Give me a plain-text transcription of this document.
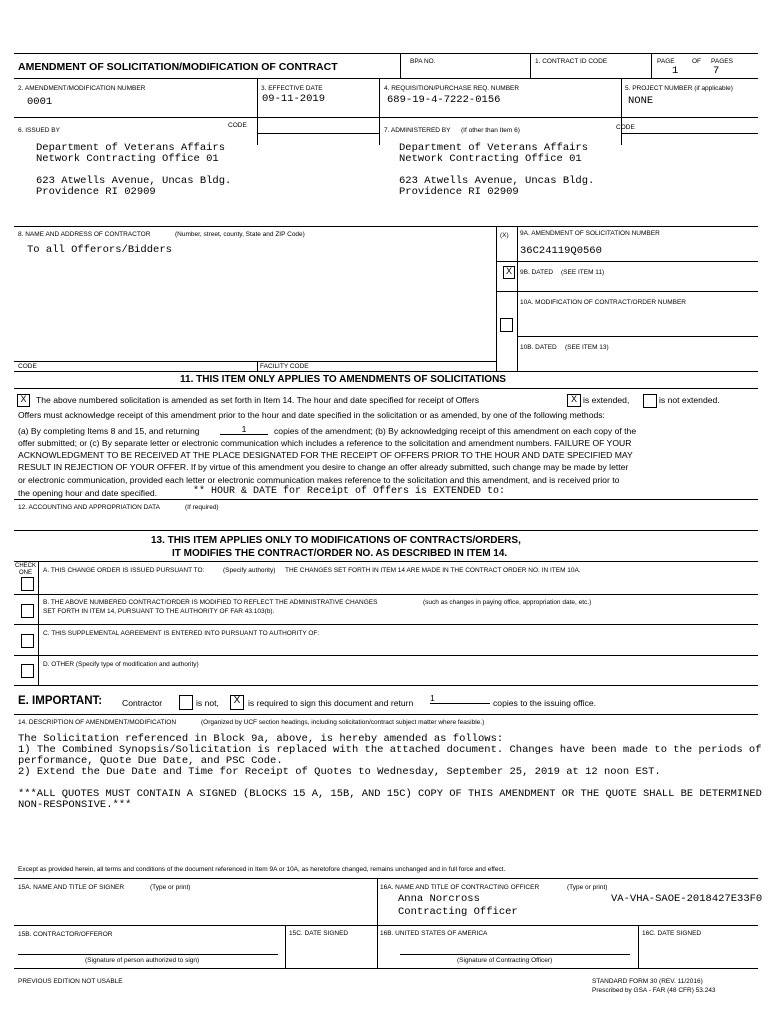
AMENDMENT OF SOLICITATION/MODIFICATION OF CONTRACT	BPA NO.	1. CONTRACT ID CODE	PAGE	OF PAGES
1	7
2. AMENDMENT/MODIFICATION NUMBER
0001
3. EFFECTIVE DATE
09-11-2019
4. REQUISITION/PURCHASE REQ. NUMBER
689-19-4-7222-0156
5. PROJECT NUMBER (if applicable)
NONE
6. ISSUED BY
CODE
7. ADMINISTERED BY (If other than Item 6)	CODE
Department of Veterans Affairs
Network Contracting Office 01
623 Atwells Avenue, Uncas Bldg.
Providence RI 02909
Department of Veterans Affairs
Network Contracting Office 01
623 Atwells Avenue, Uncas Bldg.
Providence RI 02909
8. NAME AND ADDRESS OF CONTRACTOR	(Number, street, county, State and ZIP Code)
To all Offerors/Bidders
(X) 9A. AMENDMENT OF SOLICITATION NUMBER
36C24119Q0560
X	9B. DATED (SEE ITEM 11)
10A. MODIFICATION OF CONTRACT/ORDER NUMBER
10B. DATED (SEE ITEM 13)
CODE	FACILITY CODE
11. THIS ITEM ONLY APPLIES TO AMENDMENTS OF SOLICITATIONS
X	The above numbered solicitation is amended as set forth in Item 14. The hour and date specified for receipt of Offers	X is extended,	is not extended.
Offers must acknowledge receipt of this amendment prior to the hour and date specified in the solicitation or as amended, by one of the following methods:
(a) By completing Items 8 and 15, and returning	1	copies of the amendment; (b) By acknowledging receipt of this amendment on each copy of the
offer submitted; or (c) By separate letter or electronic communication which includes a reference to the solicitation and amendment numbers. FAILURE OF YOUR
ACKNOWLEDGMENT TO BE RECEIVED AT THE PLACE DESIGNATED FOR THE RECEIPT OF OFFERS PRIOR TO THE HOUR AND DATE SPECIFIED MAY
RESULT IN REJECTION OF YOUR OFFER. If by virtue of this amendment you desire to change an offer already submitted, such change may be made by letter
or electronic communication, provided each letter or electronic communication makes reference to the solicitation and this amendment, and is received prior to
the opening hour and date specified.	** HOUR & DATE for Receipt of Offers is EXTENDED to:
12. ACCOUNTING AND APPROPRIATION DATA	(If required)
13. THIS ITEM APPLIES ONLY TO MODIFICATIONS OF CONTRACTS/ORDERS,
IT MODIFIES THE CONTRACT/ORDER NO. AS DESCRIBED IN ITEM 14.
CHECK
ONE A. THIS CHANGE ORDER IS ISSUED PURSUANT TO:	(Specify authority) THE CHANGES SET FORTH IN ITEM 14 ARE MADE IN THE CONTRACT ORDER NO. IN ITEM 10A.
B. THE ABOVE NUMBERED CONTRACT/ORDER IS MODIFIED TO REFLECT THE ADMINISTRATIVE CHANGES	(such as changes in paying office, appropriation date, etc.)
SET FORTH IN ITEM 14, PURSUANT TO THE AUTHORITY OF FAR 43.103(b).
C. THIS SUPPLEMENTAL AGREEMENT IS ENTERED INTO PURSUANT TO AUTHORITY OF:
D. OTHER (Specify type of modification and authority)
E. IMPORTANT: Contractor	is not,	X is required to sign this document and return 1	copies to the issuing office.
14. DESCRIPTION OF AMENDMENT/MODIFICATION	(Organized by UCF section headings, including solicitation/contract subject matter where feasible.)
The Solicitation referenced in Block 9a, above, is hereby amended as follows:
1) The Combined Synopsis/Solicitation is replaced with the attached document. Changes have been made to the periods of
performance, Quote Due Date, and PSC Code.
2) Extend the Due Date and Time for Receipt of Quotes to Wednesday, September 25, 2019 at 12 noon EST.
***ALL QUOTES MUST CONTAIN A SIGNED (BLOCKS 15 A, 15B, AND 15C) COPY OF THIS AMENDMENT OR THE QUOTE SHALL BE DETERMINED
NON-RESPONSIVE.***
Except as provided herein, all terms and conditions of the document referenced in Item 9A or 10A, as heretofore changed, remains unchanged and in full force and effect.
15A. NAME AND TITLE OF SIGNER	(Type or print)	16A. NAME AND TITLE OF CONTRACTING OFFICER	(Type or print)
Anna Norcross
Contracting Officer
VA-VHA-SAOE-2018427E33F0
15B. CONTRACTOR/OFFEROR	15C. DATE SIGNED	16B. UNITED STATES OF AMERICA	16C. DATE SIGNED
(Signature of person authorized to sign)	(Signature of Contracting Officer)
PREVIOUS EDITION NOT USABLE	STANDARD FORM 30 (REV. 11/2016)
Prescribed by GSA - FAR (48 CFR) 53.243
